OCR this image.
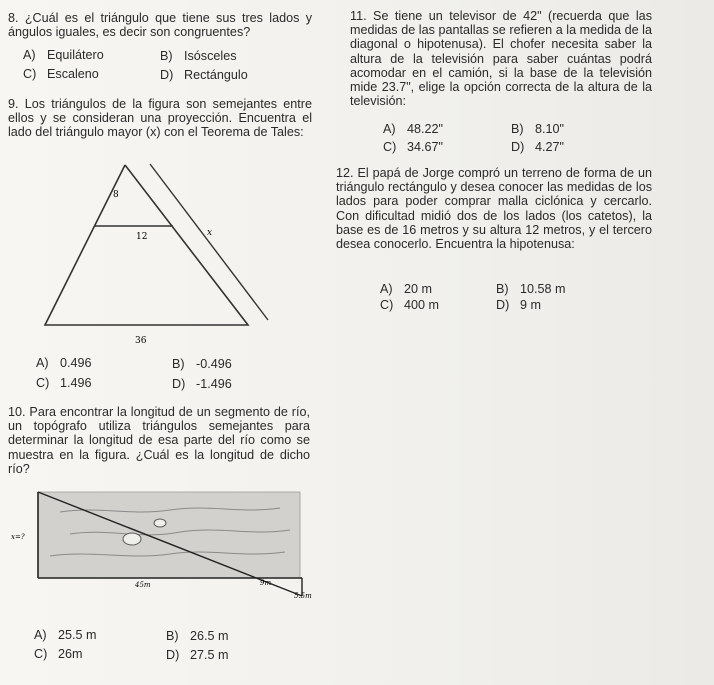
8. ¿Cuál es el triángulo que tiene sus tres lados y ángulos iguales, es decir son congruentes?
A) Equilátero	B) Isósceles
C) Escaleno	D) Rectángulo
9. Los triángulos de la figura son semejantes entre ellos y se consideran una proyección. Encuentra el lado del triángulo mayor (x) con el Teorema de Tales:
8
12	x
36
A) 0.496	B) -0.496
C) 1.496	D) -1.496
10. Para encontrar la longitud de un segmento de río, un topógrafo utiliza triángulos semejantes para determinar la longitud de esa parte del río como se muestra en la figura. ¿Cuál es la longitud de dicho río?
x=?
45m	9m
5.5m
A) 25.5 m	B) 26.5 m
C) 26m	D) 27.5 m
11. Se tiene un televisor de 42" (recuerda que las medidas de las pantallas se refieren a la medida de la diagonal o hipotenusa). El chofer necesita saber la altura de la televisión para saber cuántas podrá acomodar en el camión, si la base de la televisión mide 23.7", elige la opción correcta de la altura de la televisión:
A) 48.22"	B) 8.10"
C) 34.67"	D) 4.27"
12. El papá de Jorge compró un terreno de forma de un triángulo rectángulo y desea conocer las medidas de los lados para poder comprar malla ciclónica y cercarlo. Con dificultad midió dos de los lados (los catetos), la base es de 16 metros y su altura 12 metros, y el tercero desea conocerlo. Encuentra la hipotenusa:
A) 20 m	B) 10.58 m
C) 400 m	D) 9 m
